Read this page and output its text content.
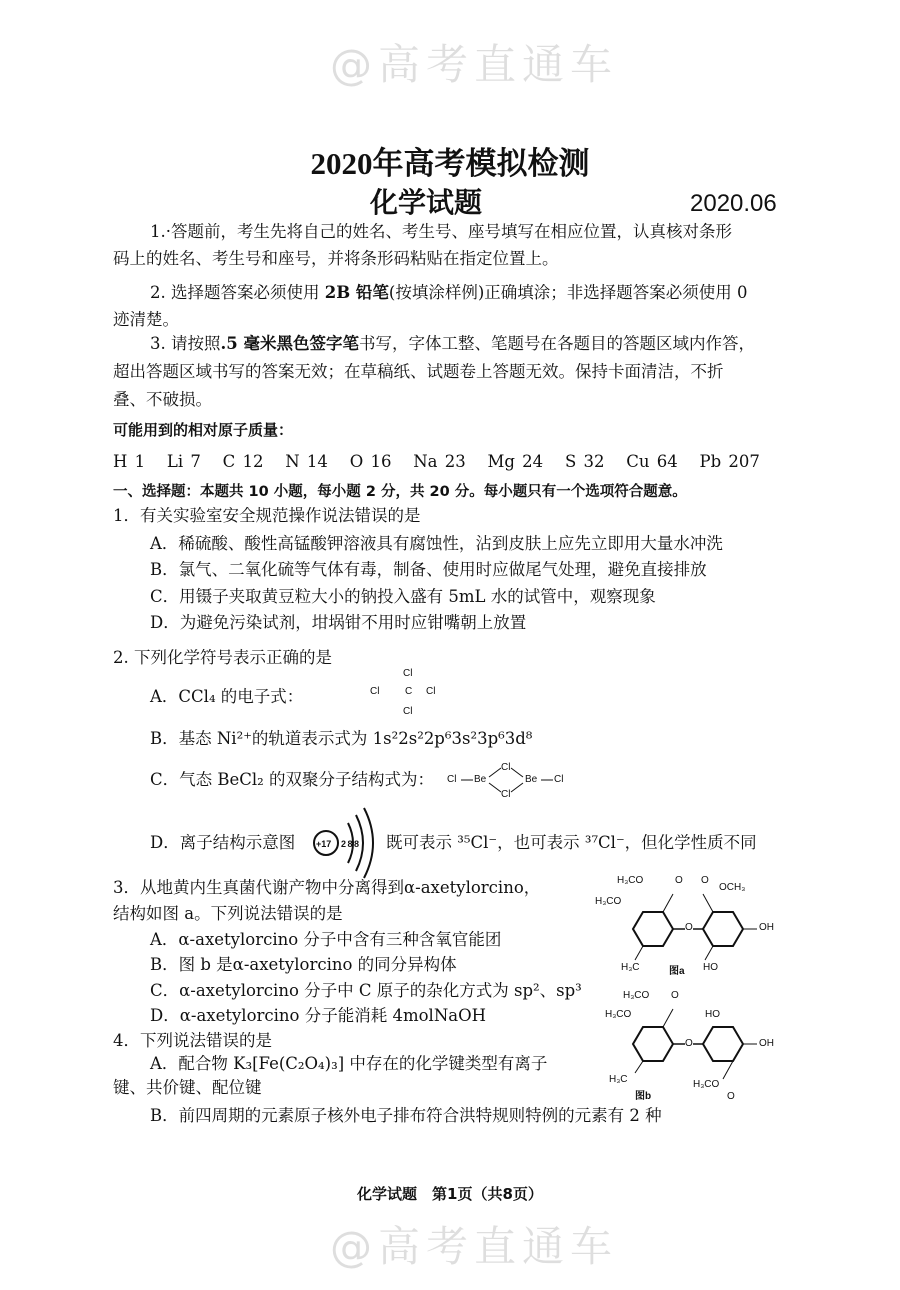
@高考直通车
@高考直通车
2020年高考模拟检测
化学试题	2020.06
1.·答题前，考生先将自己的姓名、考生号、座号填写在相应位置，认真核对条形
码上的姓名、考生号和座号，并将条形码粘贴在指定位置上。
2. 选择题答案必须使用 2B 铅笔(按填涂样例)正确填涂；非选择题答案必须使用 0
迹清楚。
3. 请按照.5 毫米黑色签字笔书写，字体工整、笔题号在各题目的答题区域内作答，
超出答题区域书写的答案无效；在草稿纸、试题卷上答题无效。保持卡面清洁，不折
叠、不破损。
可能用到的相对原子质量：
H 1 Li 7 C 12 N 14 O 16 Na 23 Mg 24 S 32 Cu 64 Pb 207
一、选择题：本题共 10 小题，每小题 2 分，共 20 分。每小题只有一个选项符合题意。
1．有关实验室安全规范操作说法错误的是
A．稀硫酸、酸性高锰酸钾溶液具有腐蚀性，沾到皮肤上应先立即用大量水冲洗
B．氯气、二氧化硫等气体有毒，制备、使用时应做尾气处理，避免直接排放
C．用镊子夹取黄豆粒大小的钠投入盛有 5mL 水的试管中，观察现象
D．为避免污染试剂，坩埚钳不用时应钳嘴朝上放置
2. 下列化学符号表示正确的是
A．CCl₄ 的电子式：
Cl
Cl	C Cl
Cl
B．基态 Ni²⁺的轨道表示式为 1s²2s²2p⁶3s²3p⁶3d⁸
C．气态 BeCl₂ 的双聚分子结构式为： Cl Be
Cl
Cl
Be Cl
D．离子结构示意图 +17 2 8 8 既可表示 ³⁵Cl⁻，也可表示 ³⁷Cl⁻，但化学性质不同
3．从地黄内生真菌代谢产物中分离得到α-axetylorcino，
结构如图 a。下列说法错误的是
A．α-axetylorcino 分子中含有三种含氧官能团
B．图 b 是α-axetylorcino 的同分异构体
C．α-axetylorcino 分子中 C 原子的杂化方式为 sp²、sp³
D．α-axetylorcino 分子能消耗 4molNaOH
H₃CO	O O
OCH₃
H₃CO
O	OH
H₃C	HO
图a
H₃CO O
H₃CO	HO
O	OH
H₃C	H₃CO
O
图b
4．下列说法错误的是
A．配合物 K₃[Fe(C₂O₄)₃] 中存在的化学键类型有离子
键、共价键、配位键
B．前四周期的元素原子核外电子排布符合洪特规则特例的元素有 2 种
化学试题　第1页（共8页）
